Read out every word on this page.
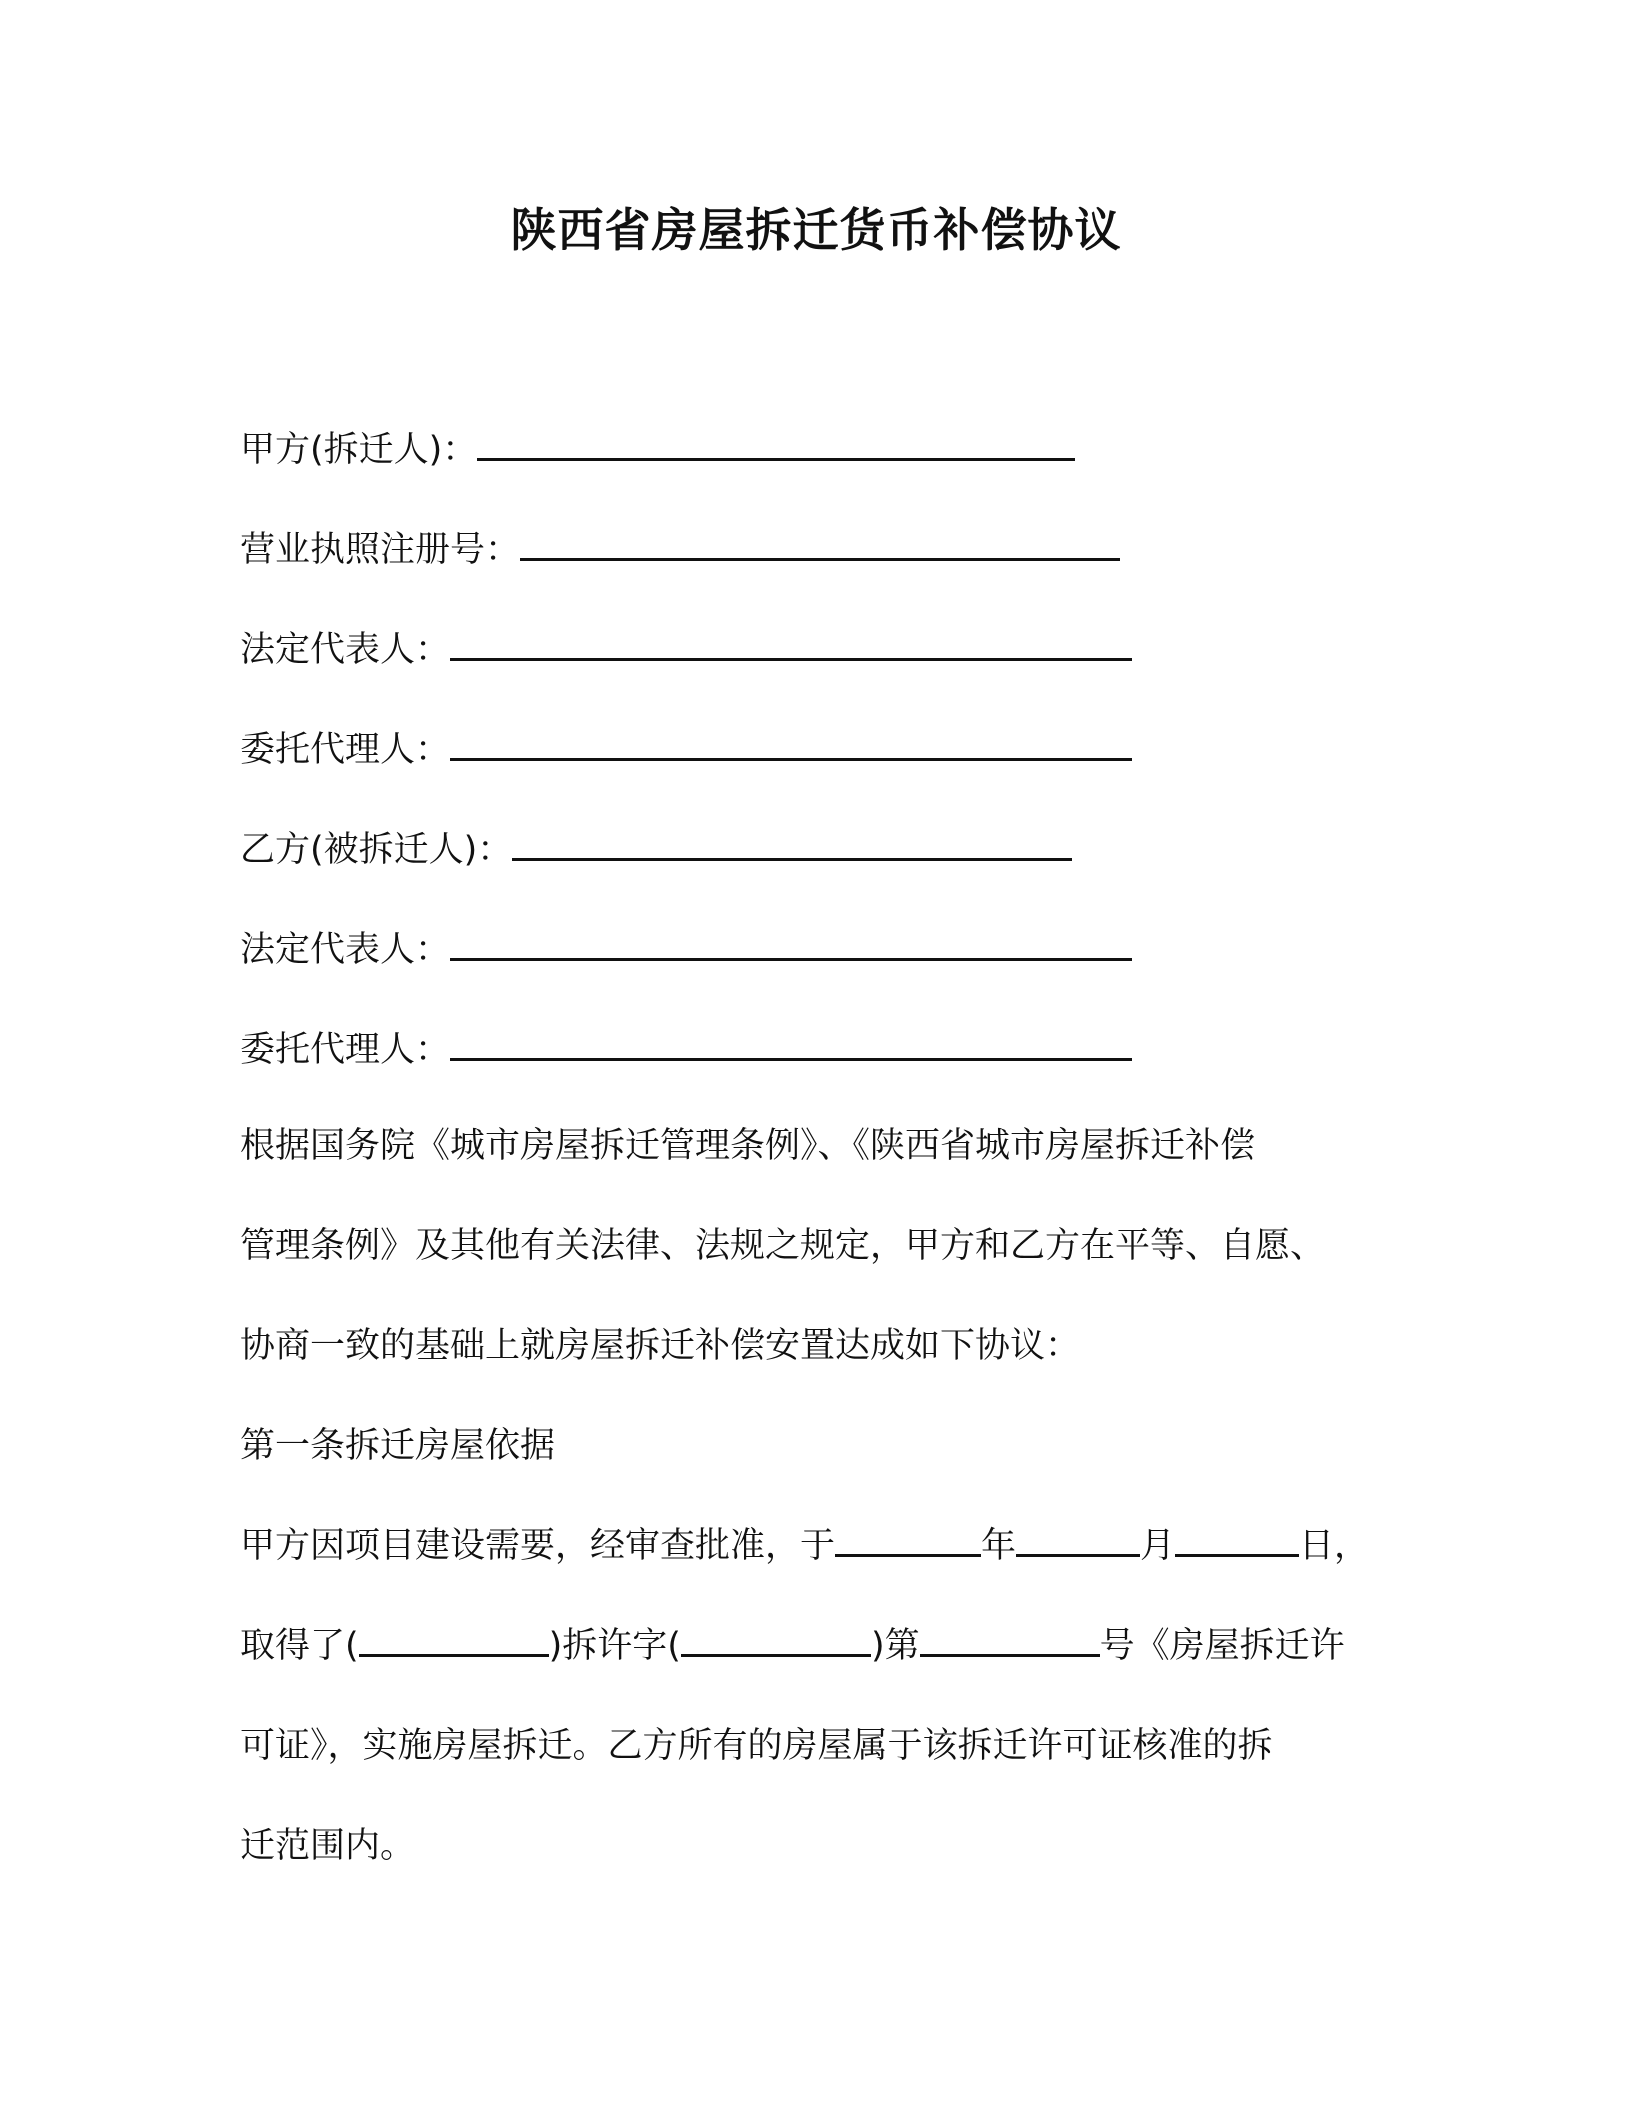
陕西省房屋拆迁货币补偿协议
甲方(拆迁人)：
营业执照注册号：
法定代表人：
委托代理人：
乙方(被拆迁人)：
法定代表人：
委托代理人：
根据国务院《城市房屋拆迁管理条例》、《陕西省城市房屋拆迁补偿
管理条例》及其他有关法律、法规之规定，甲方和乙方在平等、自愿、
协商一致的基础上就房屋拆迁补偿安置达成如下协议：
第一条拆迁房屋依据
甲方因项目建设需要，经审查批准，于	年	月	日，
取得了(	)拆许字(	)第	号《房屋拆迁许
可证》，实施房屋拆迁。乙方所有的房屋属于该拆迁许可证核准的拆
迁范围内。
